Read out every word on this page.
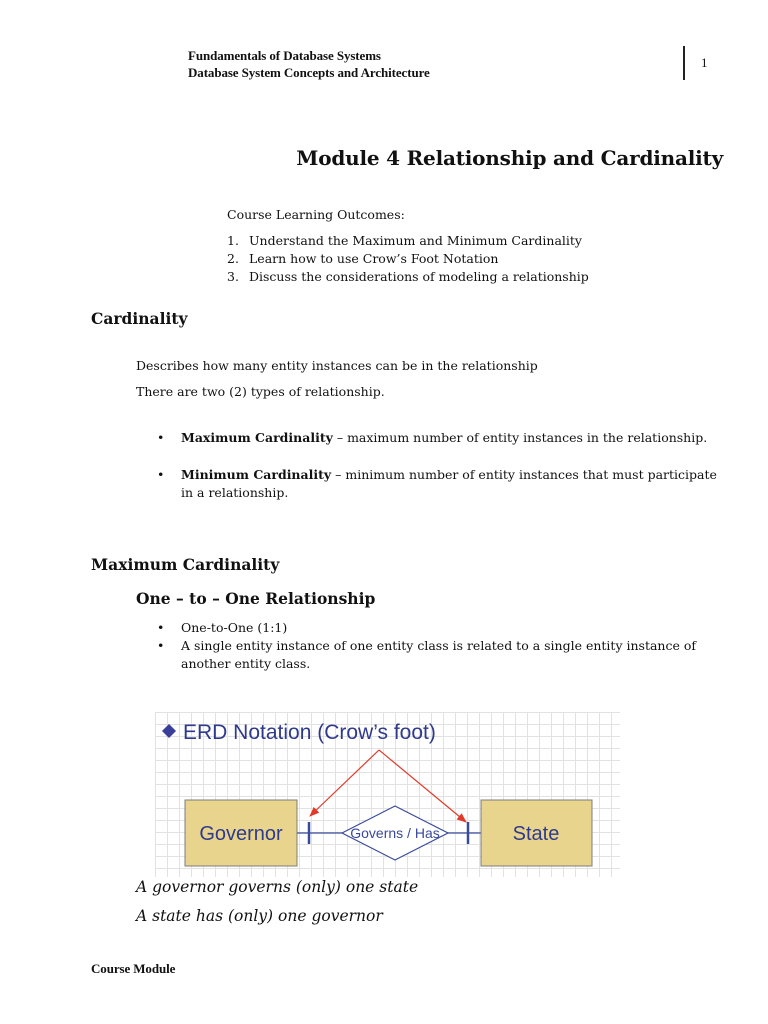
Fundamentals of Database Systems
Database System Concepts and Architecture
1
Module 4 Relationship and Cardinality
Course Learning Outcomes:
1. Understand the Maximum and Minimum Cardinality
2. Learn how to use Crow’s Foot Notation
3. Discuss the considerations of modeling a relationship
Cardinality
Describes how many entity instances can be in the relationship
There are two (2) types of relationship.
• Maximum Cardinality – maximum number of entity instances in the relationship.
• Minimum Cardinality – minimum number of entity instances that must participate in a relationship.
Maximum Cardinality
One – to – One Relationship
• One-to-One (1:1)
• A single entity instance of one entity class is related to a single entity instance of another entity class.
ERD Notation (Crow’s foot)
Governs / Has
Governor	State
A governor governs (only) one state
A state has (only) one governor
Course Module
